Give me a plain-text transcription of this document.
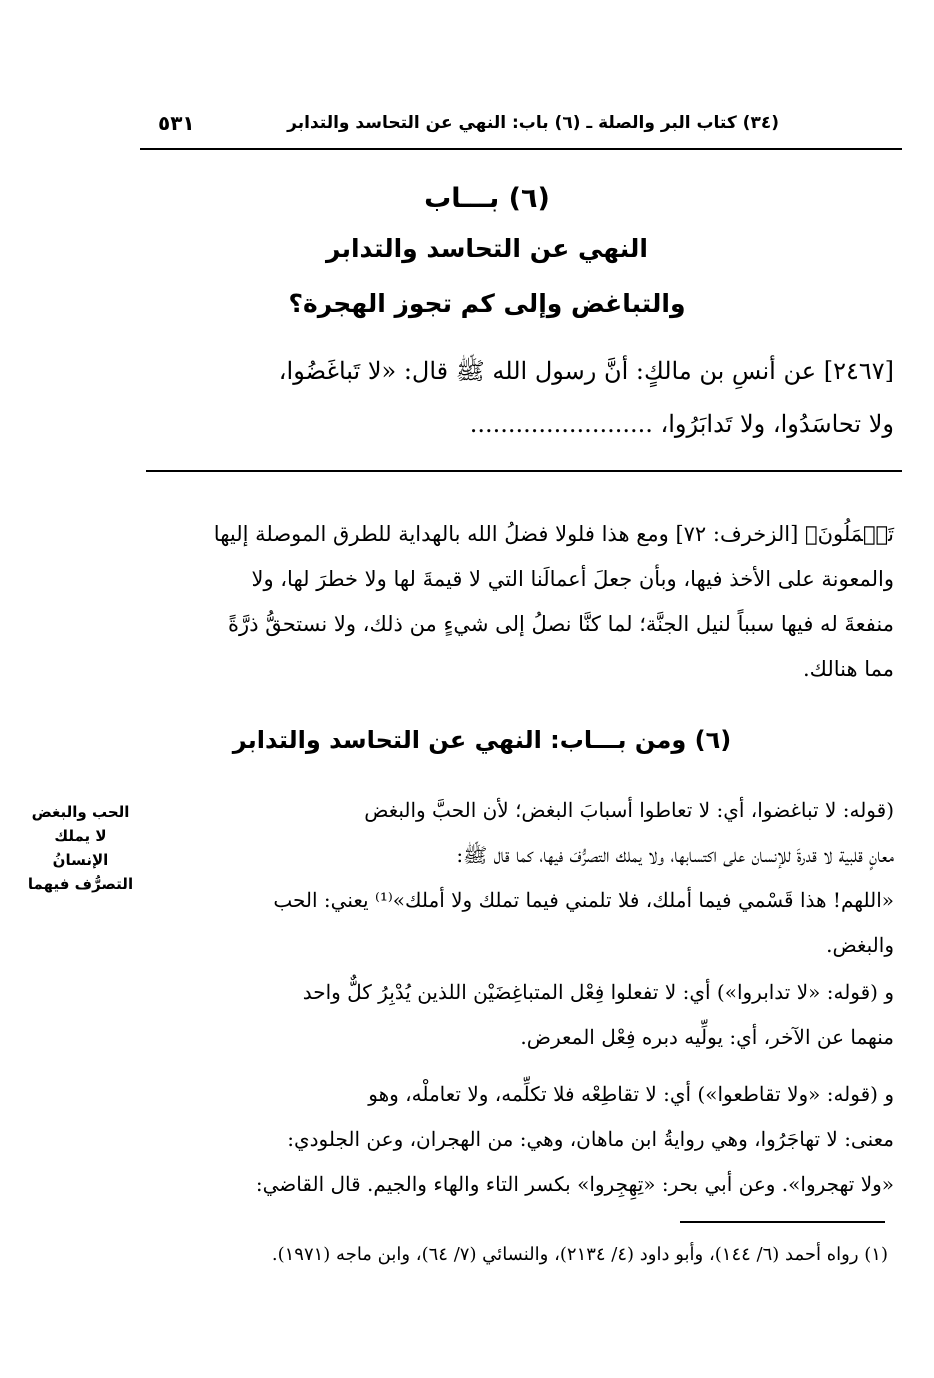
(٣٤) كتاب البر والصلة ـ (٦) باب: النهي عن التحاسد والتدابر
٥٣١
(٦) بـــاب
النهي عن التحاسد والتدابر
والتباغض وإلى كم تجوز الهجرة؟
[٢٤٦٧] عن أنسِ بن مالكٍ: أنَّ رسول الله ﷺ قال: «لا تَباغَضُوا،
ولا تحاسَدُوا، ولا تَدابَرُوا، ........................
تَعۡمَلُونَ﴾ [الزخرف: ٧٢] ومع هذا فلولا فضلُ الله بالهداية للطرق الموصلة إليها
والمعونة على الأخذ فيها، وبأن جعلَ أعمالَنا التي لا قيمةَ لها ولا خطرَ لها، ولا
منفعةَ له فيها سبباً لنيل الجنَّة؛ لما كنَّا نصلُ إلى شيءٍ من ذلك، ولا نستحقُّ ذرَّةً
مما هنالك.
(٦) ومن بـــاب: النهي عن التحاسد والتدابر
(قوله: لا تباغضوا، أي: لا تعاطوا أسبابَ البغض؛ لأن الحبَّ والبغض
معانٍ قلبية لا قدرةَ للإنسان على اكتسابها، ولا يملك التصرُّفَ فيها، كما قال ﷺ:
«اللهم! هذا قَسْمي فيما أملك، فلا تلمني فيما تملك ولا أملك»⁽¹⁾ يعني: الحب
والبغض.
و (قوله: «لا تدابروا») أي: لا تفعلوا فِعْل المتباغِضَيْن اللذين يُدْبِرُ كلٌّ واحد
منهما عن الآخر، أي: يولِّيه دبره فِعْل المعرض.
و (قوله: «ولا تقاطعوا») أي: لا تقاطِعْه فلا تكلِّمه، ولا تعاملْه، وهو
معنى: لا تهاجَرُوا، وهي روايةُ ابن ماهان، وهي: من الهجران، وعن الجلودي:
«ولا تهجروا». وعن أبي بحر: «تِهِجِروا» بكسر التاء والهاء والجيم. قال القاضي:
الحب والبغض
لا يملك
الإنسانُ
التصرُّف فيهما
(١) رواه أحمد (٦/ ١٤٤)، وأبو داود (٤/ ٢١٣٤)، والنسائي (٧/ ٦٤)، وابن ماجه (١٩٧١).
